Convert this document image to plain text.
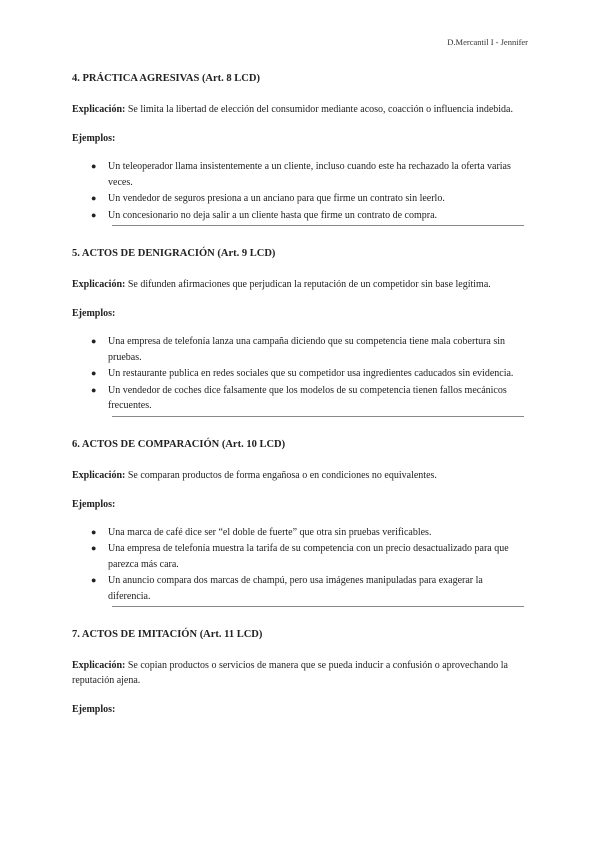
D.Mercantil I - Jennifer
4. PRÁCTICA AGRESIVAS (Art. 8 LCD)
Explicación: Se limita la libertad de elección del consumidor mediante acoso, coacción o influencia indebida.
Ejemplos:
● Un teleoperador llama insistentemente a un cliente, incluso cuando este ha rechazado la oferta varias veces.
● Un vendedor de seguros presiona a un anciano para que firme un contrato sin leerlo.
● Un concesionario no deja salir a un cliente hasta que firme un contrato de compra.
5. ACTOS DE DENIGRACIÓN (Art. 9 LCD)
Explicación: Se difunden afirmaciones que perjudican la reputación de un competidor sin base legítima.
Ejemplos:
● Una empresa de telefonía lanza una campaña diciendo que su competencia tiene mala cobertura sin pruebas.
● Un restaurante publica en redes sociales que su competidor usa ingredientes caducados sin evidencia.
● Un vendedor de coches dice falsamente que los modelos de su competencia tienen fallos mecánicos frecuentes.
6. ACTOS DE COMPARACIÓN (Art. 10 LCD)
Explicación: Se comparan productos de forma engañosa o en condiciones no equivalentes.
Ejemplos:
● Una marca de café dice ser “el doble de fuerte” que otra sin pruebas verificables.
● Una empresa de telefonía muestra la tarifa de su competencia con un precio desactualizado para que parezca más cara.
● Un anuncio compara dos marcas de champú, pero usa imágenes manipuladas para exagerar la diferencia.
7. ACTOS DE IMITACIÓN (Art. 11 LCD)
Explicación: Se copian productos o servicios de manera que se pueda inducir a confusión o aprovechando la reputación ajena.
Ejemplos:
